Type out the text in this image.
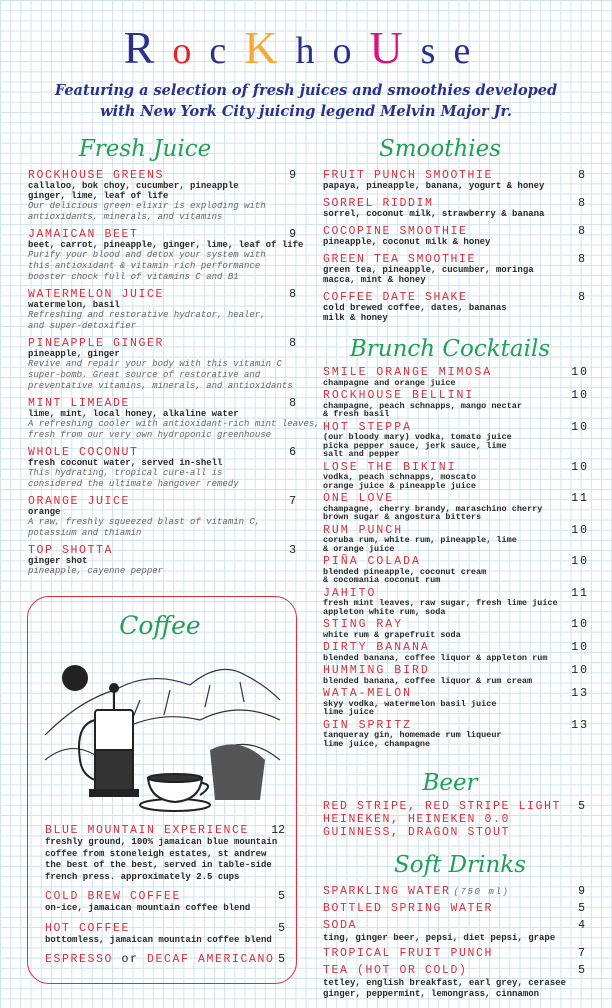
RocKhoUse
Featuring a selection of fresh juices and smoothies developed
with New York City juicing legend Melvin Major Jr.
Fresh Juice
9
ROCKHOUSE GREENS
callaloo, bok choy, cucumber, pineapple
ginger, lime, leaf of life
Our delicious green elixir is exploding with
antioxidants, minerals, and vitamins
9
JAMAICAN BEET
beet, carrot, pineapple, ginger, lime, leaf of life
Purify your blood and detox your system with
this antioxidant & vitamin rich performance
booster chock full of vitamins C and B1
8
WATERMELON JUICE
watermelon, basil
Refreshing and restorative hydrator, healer,
and super-detoxifier
8
PINEAPPLE GINGER
pineapple, ginger
Revive and repair your body with this vitamin C
super-bomb. Great source of restorative and
preventative vitamins, minerals, and antioxidants
8
MINT LIMEADE
lime, mint, local honey, alkaline water
A refreshing cooler with antioxidant-rich mint leaves,
fresh from our very own hydroponic greenhouse
6
WHOLE COCONUT
fresh coconut water, served in-shell
This hydrating, tropical cure-all is
considered the ultimate hangover remedy
7
ORANGE JUICE
orange
A raw, freshly squeezed blast of vitamin C,
potassium and thiamin
3
TOP SHOTTA
ginger shot
pineapple, cayenne pepper
Smoothies
8
FRUIT PUNCH SMOOTHIE
papaya, pineapple, banana, yogurt & honey
8
SORREL RIDDIM
sorrel, coconut milk, strawberry & banana
8
COCOPINE SMOOTHIE
pineapple, coconut milk & honey
8
GREEN TEA SMOOTHIE
green tea, pineapple, cucumber, moringa
macca, mint & honey
8
COFFEE DATE SHAKE
cold brewed coffee, dates, bananas
milk & honey
Brunch Cocktails
10
SMILE ORANGE MIMOSA
champagne and orange juice
10
ROCKHOUSE BELLINI
champagne, peach schnapps, mango nectar
& fresh basil
10
HOT STEPPA
(our bloody mary) vodka, tomato juice
picka pepper sauce, jerk sauce, lime
salt and pepper
10
LOSE THE BIKINI
vodka, peach schnapps, moscato
orange juice & pineapple juice
11
ONE LOVE
champagne, cherry brandy, maraschino cherry
brown sugar & angostura bitters
10
RUM PUNCH
coruba rum, white rum, pineapple, lime
& orange juice
10
PIÑA COLADA
blended pineapple, coconut cream
& cocomania coconut rum
11
JAHITO
fresh mint leaves, raw sugar, fresh lime juice
appleton white rum, soda
10
STING RAY
white rum & grapefruit soda
10
DIRTY BANANA
blended banana, coffee liquor & appleton rum
10
HUMMING BIRD
blended banana, coffee liquor & rum cream
13
WATA-MELON
skyy vodka, watermelon basil juice
lime juice
13
GIN SPRITZ
tanqueray gin, homemade rum liqueur
lime juice, champagne
Coffee
12
BLUE MOUNTAIN EXPERIENCE
freshly ground, 100% jamaican blue mountain
coffee from stoneleigh estates, st andrew
the best of the best, served in table-side
french press. approximately 2.5 cups
5
COLD BREW COFFEE
on-ice, jamaican mountain coffee blend
5
HOT COFFEE
bottomless, jamaican mountain coffee blend
5
ESPRESSO or DECAF AMERICANO
Beer
5
RED STRIPE, RED STRIPE LIGHT
HEINEKEN, HEINEKEN 0.0
GUINNESS, DRAGON STOUT
Soft Drinks
9
SPARKLING WATER (750 ml)
5
BOTTLED SPRING WATER
4
SODA
ting, ginger beer, pepsi, diet pepsi, grape
7
TROPICAL FRUIT PUNCH
5
TEA (HOT OR COLD)
tetley, english breakfast, earl grey, cerasee
ginger, peppermint, lemongrass, cinnamon
